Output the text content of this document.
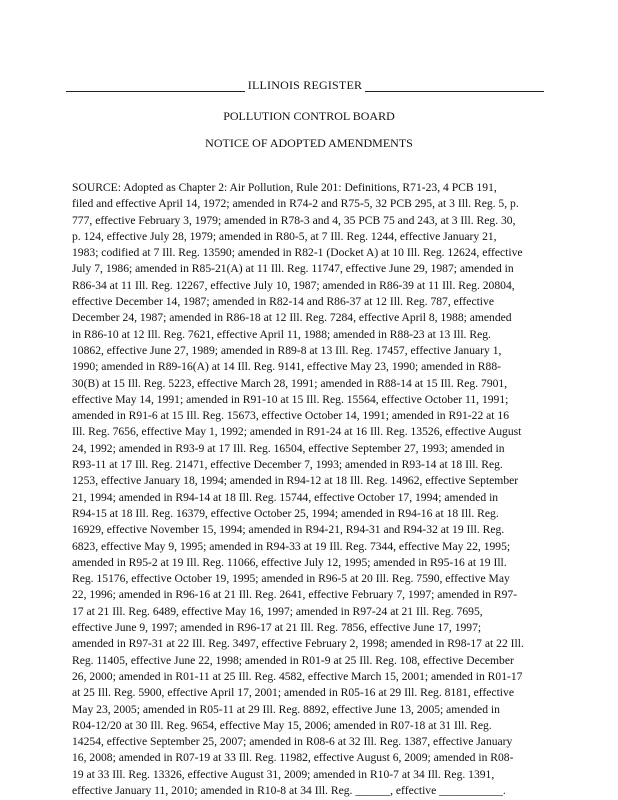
ILLINOIS REGISTER
POLLUTION CONTROL BOARD
NOTICE OF ADOPTED AMENDMENTS
SOURCE: Adopted as Chapter 2: Air Pollution, Rule 201: Definitions, R71-23, 4 PCB 191,
filed and effective April 14, 1972; amended in R74-2 and R75-5, 32 PCB 295, at 3 Ill. Reg. 5, p.
777, effective February 3, 1979; amended in R78-3 and 4, 35 PCB 75 and 243, at 3 Ill. Reg. 30,
p. 124, effective July 28, 1979; amended in R80-5, at 7 Ill. Reg. 1244, effective January 21,
1983; codified at 7 Ill. Reg. 13590; amended in R82-1 (Docket A) at 10 Ill. Reg. 12624, effective
July 7, 1986; amended in R85-21(A) at 11 Ill. Reg. 11747, effective June 29, 1987; amended in
R86-34 at 11 Ill. Reg. 12267, effective July 10, 1987; amended in R86-39 at 11 Ill. Reg. 20804,
effective December 14, 1987; amended in R82-14 and R86-37 at 12 Ill. Reg. 787, effective
December 24, 1987; amended in R86-18 at 12 Ill. Reg. 7284, effective April 8, 1988; amended
in R86-10 at 12 Ill. Reg. 7621, effective April 11, 1988; amended in R88-23 at 13 Ill. Reg.
10862, effective June 27, 1989; amended in R89-8 at 13 Ill. Reg. 17457, effective January 1,
1990; amended in R89-16(A) at 14 Ill. Reg. 9141, effective May 23, 1990; amended in R88-
30(B) at 15 Ill. Reg. 5223, effective March 28, 1991; amended in R88-14 at 15 Ill. Reg. 7901,
effective May 14, 1991; amended in R91-10 at 15 Ill. Reg. 15564, effective October 11, 1991;
amended in R91-6 at 15 Ill. Reg. 15673, effective October 14, 1991; amended in R91-22 at 16
Ill. Reg. 7656, effective May 1, 1992; amended in R91-24 at 16 Ill. Reg. 13526, effective August
24, 1992; amended in R93-9 at 17 Ill. Reg. 16504, effective September 27, 1993; amended in
R93-11 at 17 Ill. Reg. 21471, effective December 7, 1993; amended in R93-14 at 18 Ill. Reg.
1253, effective January 18, 1994; amended in R94-12 at 18 Ill. Reg. 14962, effective September
21, 1994; amended in R94-14 at 18 Ill. Reg. 15744, effective October 17, 1994; amended in
R94-15 at 18 Ill. Reg. 16379, effective October 25, 1994; amended in R94-16 at 18 Ill. Reg.
16929, effective November 15, 1994; amended in R94-21, R94-31 and R94-32 at 19 Ill. Reg.
6823, effective May 9, 1995; amended in R94-33 at 19 Ill. Reg. 7344, effective May 22, 1995;
amended in R95-2 at 19 Ill. Reg. 11066, effective July 12, 1995; amended in R95-16 at 19 Ill.
Reg. 15176, effective October 19, 1995; amended in R96-5 at 20 Ill. Reg. 7590, effective May
22, 1996; amended in R96-16 at 21 Ill. Reg. 2641, effective February 7, 1997; amended in R97-
17 at 21 Ill. Reg. 6489, effective May 16, 1997; amended in R97-24 at 21 Ill. Reg. 7695,
effective June 9, 1997; amended in R96-17 at 21 Ill. Reg. 7856, effective June 17, 1997;
amended in R97-31 at 22 Ill. Reg. 3497, effective February 2, 1998; amended in R98-17 at 22 Ill.
Reg. 11405, effective June 22, 1998; amended in R01-9 at 25 Ill. Reg. 108, effective December
26, 2000; amended in R01-11 at 25 Ill. Reg. 4582, effective March 15, 2001; amended in R01-17
at 25 Ill. Reg. 5900, effective April 17, 2001; amended in R05-16 at 29 Ill. Reg. 8181, effective
May 23, 2005; amended in R05-11 at 29 Ill. Reg. 8892, effective June 13, 2005; amended in
R04-12/20 at 30 Ill. Reg. 9654, effective May 15, 2006; amended in R07-18 at 31 Ill. Reg.
14254, effective September 25, 2007; amended in R08-6 at 32 Ill. Reg. 1387, effective January
16, 2008; amended in R07-19 at 33 Ill. Reg. 11982, effective August 6, 2009; amended in R08-
19 at 33 Ill. Reg. 13326, effective August 31, 2009; amended in R10-7 at 34 Ill. Reg. 1391,
effective January 11, 2010; amended in R10-8 at 34 Ill. Reg. ______, effective ___________.
